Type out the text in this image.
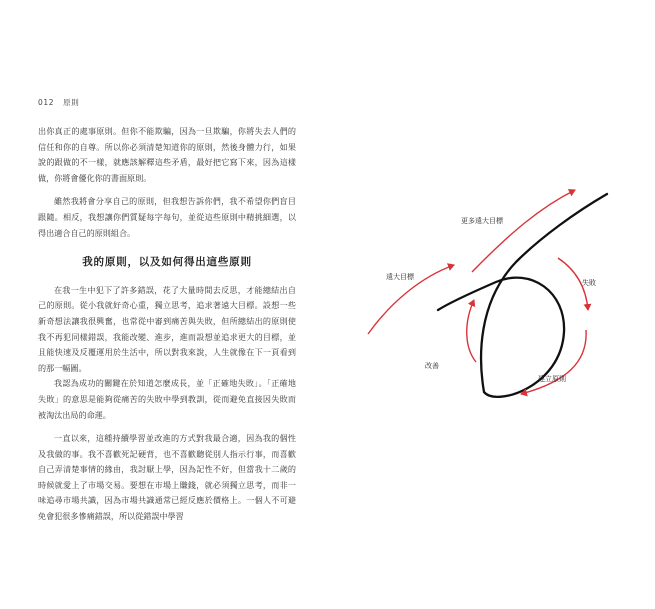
012 原則

出你真正的處事原則。但你不能欺騙，因為一旦欺騙，你將失去人們的信任和你的自尊。所以你必須清楚知道你的原則，然後身體力行，如果說的跟做的不一樣，就應該解釋這些矛盾，最好把它寫下來，因為這樣做，你將會優化你的書面原則。

雖然我將會分享自己的原則，但我想告訴你們，我不希望你們盲目跟隨。相反，我想讓你們質疑每字每句，並從這些原則中精挑細選，以得出適合自己的原則組合。

我的原則，以及如何得出這些原則

在我一生中犯下了許多錯誤，花了大量時間去反思，才能總結出自己的原則。從小我就好奇心重，獨立思考，追求著遠大目標。設想一些新奇想法讓我很興奮，也常從中審到痛苦與失敗，但所總結出的原則使我不再犯同樣錯誤，我能改變、進步，進而設想並追求更大的目標，並且能快速及反覆運用於生活中，所以對我來說，人生就像在下一頁看到的那一幅圖。

我認為成功的關鍵在於知道怎麼成長，並「正確地失敗」。「正確地失敗」的意思是能夠從痛苦的失敗中學到教訓，從而避免直接因失敗而被淘汰出局的命運。

一直以來，這種持續學習並改進的方式對我最合適，因為我的個性及我做的事。我不喜歡死記硬背，也不喜歡聽從別人指示行事，而喜歡自己弄清楚事情的緣由，我討厭上學，因為記性不好，但當我十二歲的時候就愛上了市場交易。要想在市場上賺錢，就必須獨立思考，而非一味追尋市場共識，因為市場共識通常已經反應於價格上。一個人不可避免會犯很多慘痛錯誤，所以從錯誤中學習

更多遠大目標
遠大目標
失敗
改善
建立原則
